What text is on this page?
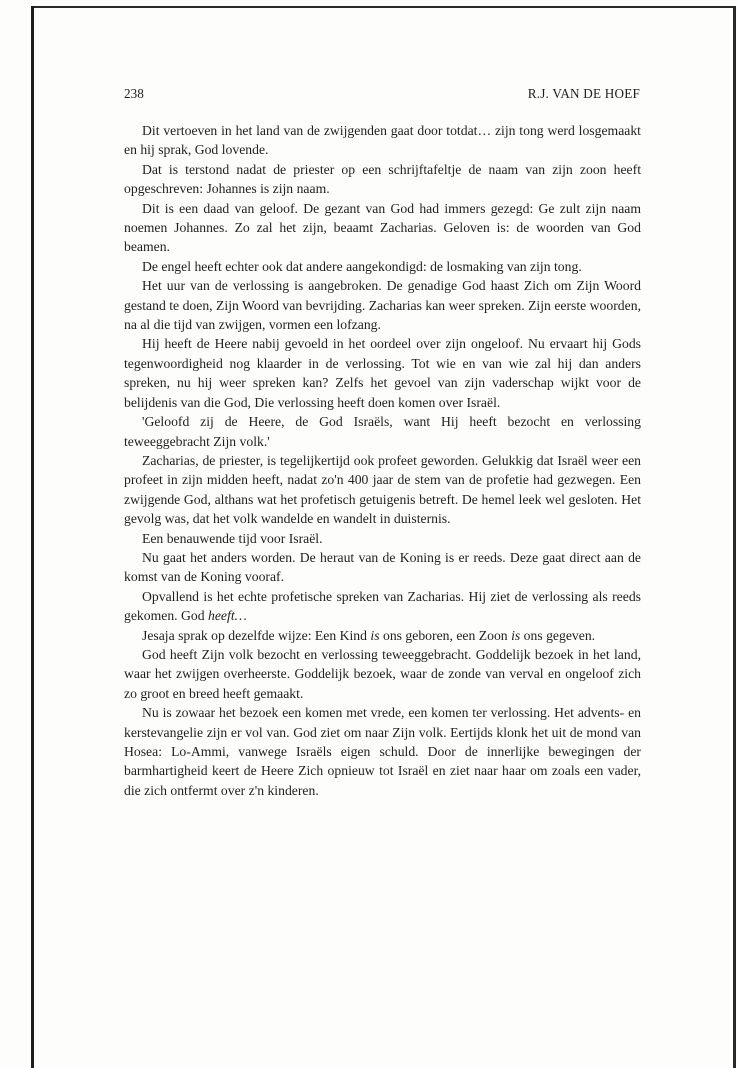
238	R.J. VAN DE HOEF

Dit vertoeven in het land van de zwijgenden gaat door totdat… zijn tong werd losgemaakt en hij sprak, God lovende.

Dat is terstond nadat de priester op een schrijftafeltje de naam van zijn zoon heeft opgeschreven: Johannes is zijn naam.

Dit is een daad van geloof. De gezant van God had immers gezegd: Ge zult zijn naam noemen Johannes. Zo zal het zijn, beaamt Zacharias. Geloven is: de woorden van God beamen.

De engel heeft echter ook dat andere aangekondigd: de losmaking van zijn tong.

Het uur van de verlossing is aangebroken. De genadige God haast Zich om Zijn Woord gestand te doen, Zijn Woord van bevrijding. Zacharias kan weer spreken. Zijn eerste woorden, na al die tijd van zwijgen, vormen een lofzang.

Hij heeft de Heere nabij gevoeld in het oordeel over zijn ongeloof. Nu ervaart hij Gods tegenwoordigheid nog klaarder in de verlossing. Tot wie en van wie zal hij dan anders spreken, nu hij weer spreken kan? Zelfs het gevoel van zijn vaderschap wijkt voor de belijdenis van die God, Die verlossing heeft doen komen over Israël.

'Geloofd zij de Heere, de God Israëls, want Hij heeft bezocht en verlossing teweeggebracht Zijn volk.'

Zacharias, de priester, is tegelijkertijd ook profeet geworden. Gelukkig dat Israël weer een profeet in zijn midden heeft, nadat zo'n 400 jaar de stem van de profetie had gezwegen. Een zwijgende God, althans wat het profetisch getuigenis betreft. De hemel leek wel gesloten. Het gevolg was, dat het volk wandelde en wandelt in duisternis.

Een benauwende tijd voor Israël.

Nu gaat het anders worden. De heraut van de Koning is er reeds. Deze gaat direct aan de komst van de Koning vooraf.

Opvallend is het echte profetische spreken van Zacharias. Hij ziet de verlossing als reeds gekomen. God heeft…

Jesaja sprak op dezelfde wijze: Een Kind is ons geboren, een Zoon is ons gegeven.

God heeft Zijn volk bezocht en verlossing teweeggebracht. Goddelijk bezoek in het land, waar het zwijgen overheerste. Goddelijk bezoek, waar de zonde van verval en ongeloof zich zo groot en breed heeft gemaakt.

Nu is zowaar het bezoek een komen met vrede, een komen ter verlossing. Het advents- en kerstevangelie zijn er vol van. God ziet om naar Zijn volk. Eertijds klonk het uit de mond van Hosea: Lo-Ammi, vanwege Israëls eigen schuld. Door de innerlijke bewegingen der barmhartigheid keert de Heere Zich opnieuw tot Israël en ziet naar haar om zoals een vader, die zich ontfermt over z'n kinderen.
